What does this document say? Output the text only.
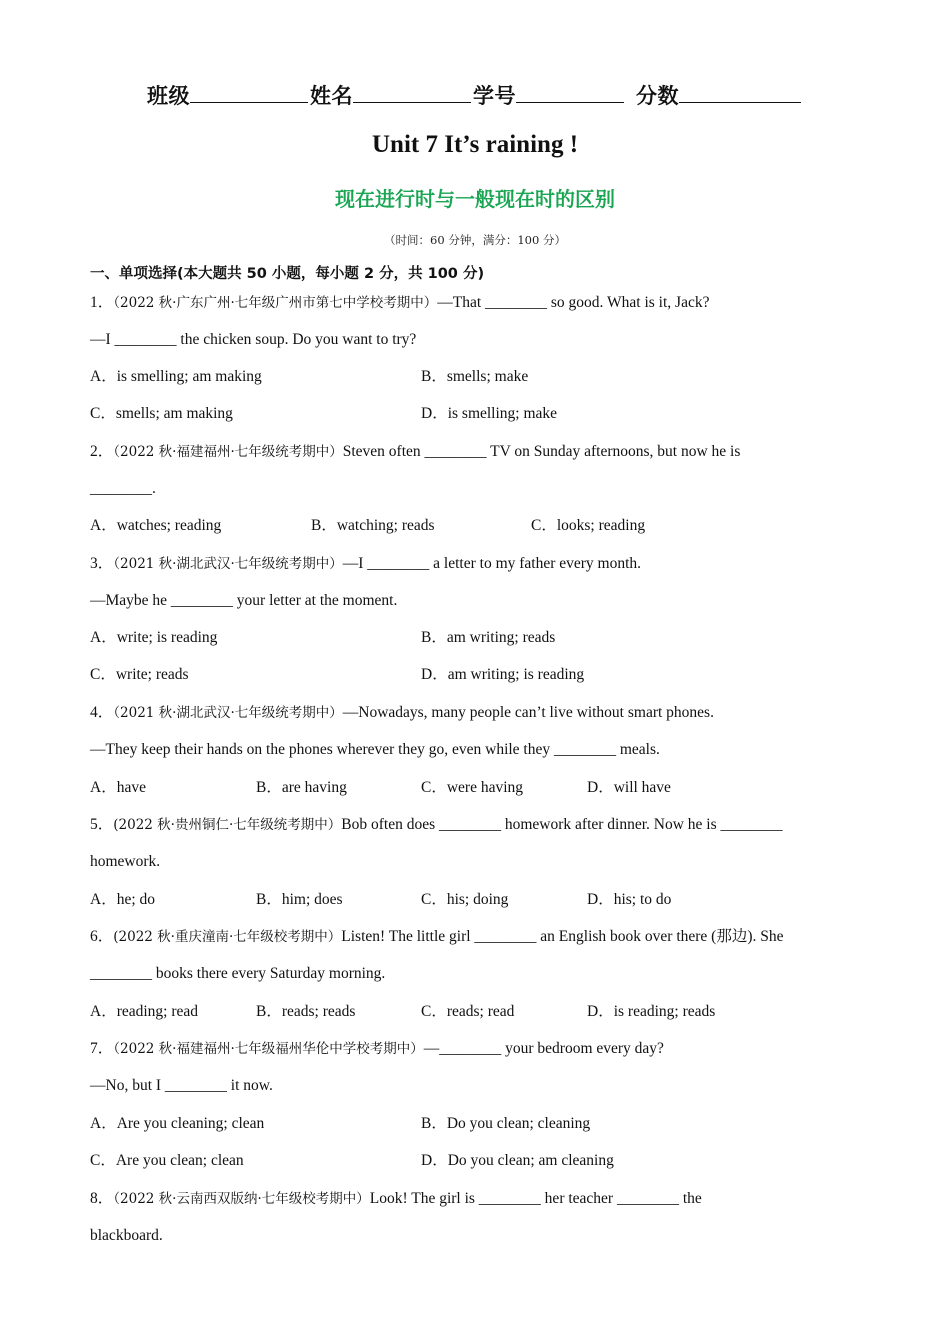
班级	姓名	学号	分数
Unit 7 It’s raining !
现在进行时与一般现在时的区别
（时间：60 分钟，满分：100 分）
一、单项选择(本大题共 50 小题，每小题 2 分，共 100 分)
1．（2022 秋·广东广州·七年级广州市第七中学校考期中）—That ________ so good. What is it, Jack?
—I ________ the chicken soup. Do you want to try?
A．is smelling; am making	B．smells; make
C．smells; am making	D．is smelling; make
2．（2022 秋·福建福州·七年级统考期中）Steven often ________ TV on Sunday afternoons, but now he is
________.
A．watches; reading	B．watching; reads	C．looks; reading
3．（2021 秋·湖北武汉·七年级统考期中）—I ________ a letter to my father every month.
—Maybe he ________ your letter at the moment.
A．write; is reading	B．am writing; reads
C．write; reads	D．am writing; is reading
4．（2021 秋·湖北武汉·七年级统考期中）—Nowadays, many people can’t live without smart phones.
—They keep their hands on the phones wherever they go, even while they ________ meals.
A．have	B．are having	C．were having	D．will have
5．(2022 秋·贵州铜仁·七年级统考期中）Bob often does ________ homework after dinner. Now he is ________
homework.
A．he; do	B．him; does	C．his; doing	D．his; to do
6．(2022 秋·重庆潼南·七年级校考期中）Listen! The little girl ________ an English book over there (那边). She
________ books there every Saturday morning.
A．reading; read	B．reads; reads	C．reads; read	D．is reading; reads
7．（2022 秋·福建福州·七年级福州华伦中学校考期中）—________ your bedroom every day?
—No, but I ________ it now.
A．Are you cleaning; clean	B．Do you clean; cleaning
C．Are you clean; clean	D．Do you clean; am cleaning
8．（2022 秋·云南西双版纳·七年级校考期中）Look! The girl is ________ her teacher ________ the
blackboard.
